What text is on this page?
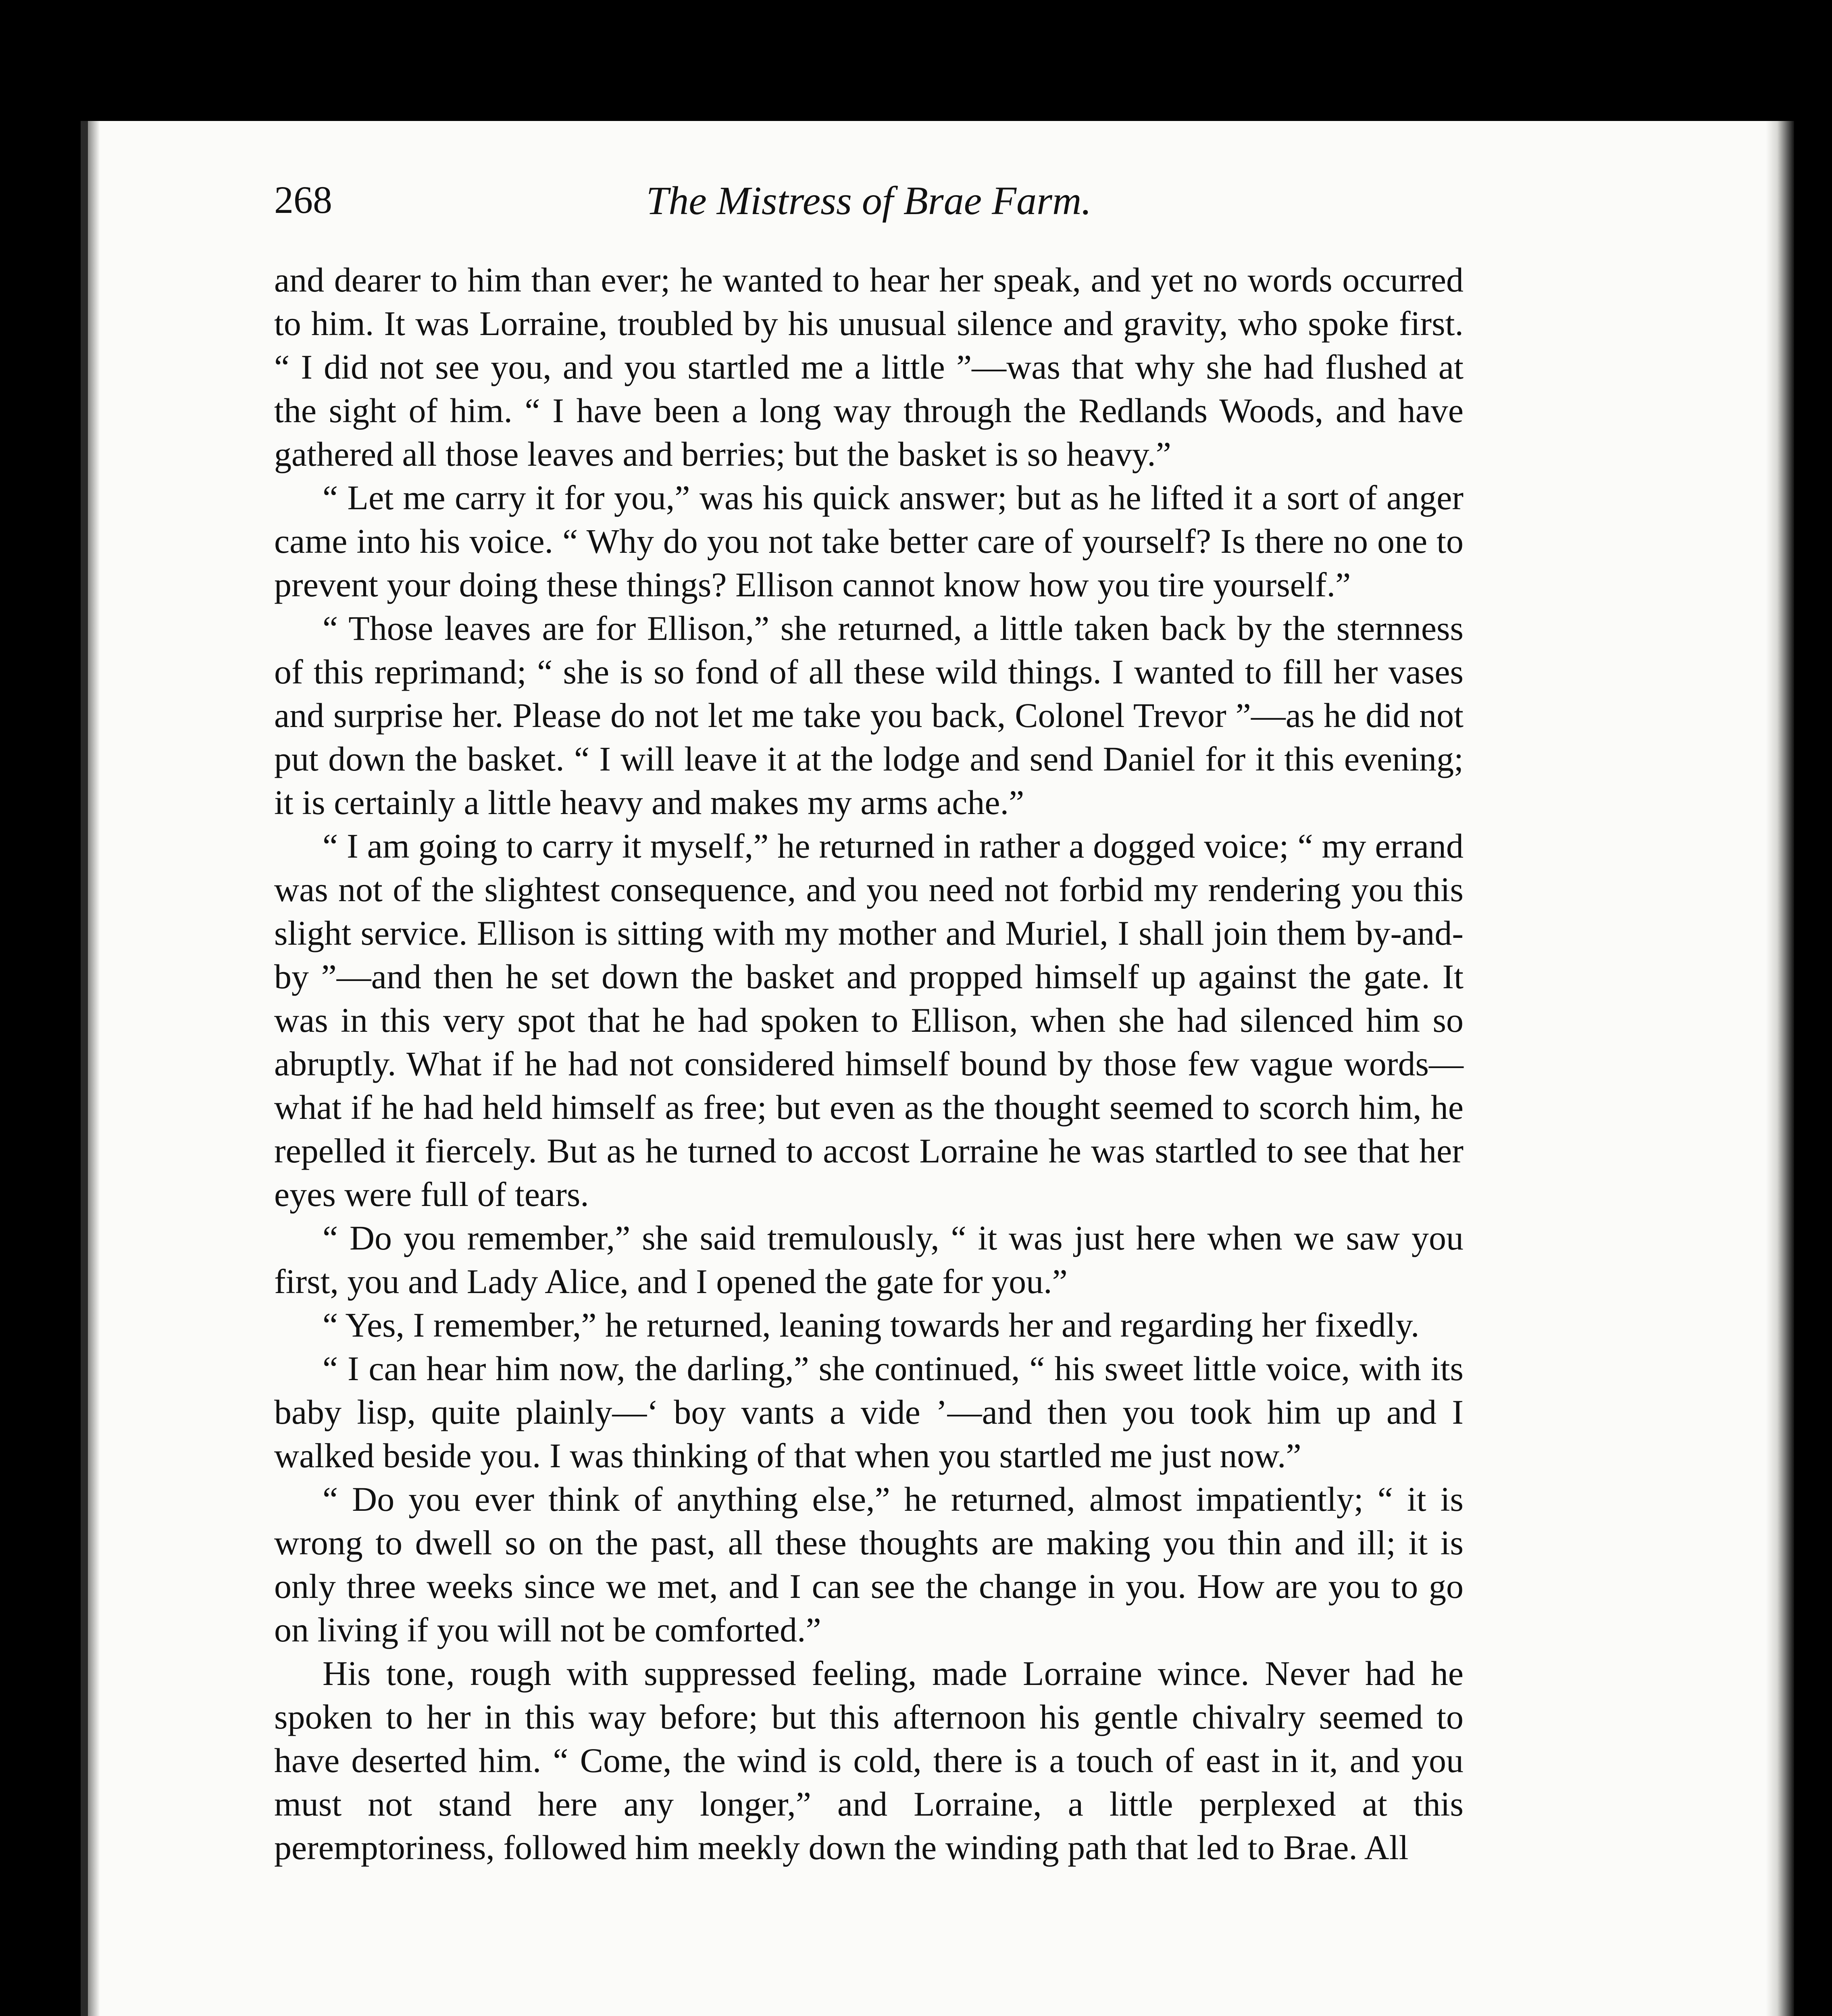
268	The Mistress of Brae Farm.

and dearer to him than ever; he wanted to hear her speak, and yet no words occurred to him. It was Lorraine, troubled by his unusual silence and gravity, who spoke first. “ I did not see you, and you startled me a little ”—was that why she had flushed at the sight of him. “ I have been a long way through the Redlands Woods, and have gathered all those leaves and berries; but the basket is so heavy.”

“ Let me carry it for you,” was his quick answer; but as he lifted it a sort of anger came into his voice. “ Why do you not take better care of yourself? Is there no one to prevent your doing these things? Ellison cannot know how you tire yourself.”

“ Those leaves are for Ellison,” she returned, a little taken back by the sternness of this reprimand; “ she is so fond of all these wild things. I wanted to fill her vases and surprise her. Please do not let me take you back, Colonel Trevor ”—as he did not put down the basket. “ I will leave it at the lodge and send Daniel for it this evening; it is certainly a little heavy and makes my arms ache.”

“ I am going to carry it myself,” he returned in rather a dogged voice; “ my errand was not of the slightest consequence, and you need not forbid my rendering you this slight service. Ellison is sitting with my mother and Muriel, I shall join them by-and-by ”—and then he set down the basket and propped himself up against the gate. It was in this very spot that he had spoken to Ellison, when she had silenced him so abruptly. What if he had not considered himself bound by those few vague words—what if he had held himself as free; but even as the thought seemed to scorch him, he repelled it fiercely. But as he turned to accost Lorraine he was startled to see that her eyes were full of tears.

“ Do you remember,” she said tremulously, “ it was just here when we saw you first, you and Lady Alice, and I opened the gate for you.”

“ Yes, I remember,” he returned, leaning towards her and regarding her fixedly.

“ I can hear him now, the darling,” she continued, “ his sweet little voice, with its baby lisp, quite plainly—‘ boy vants a vide ’—and then you took him up and I walked beside you. I was thinking of that when you startled me just now.”

“ Do you ever think of anything else,” he returned, almost impatiently; “ it is wrong to dwell so on the past, all these thoughts are making you thin and ill; it is only three weeks since we met, and I can see the change in you. How are you to go on living if you will not be comforted.”

His tone, rough with suppressed feeling, made Lorraine wince. Never had he spoken to her in this way before; but this afternoon his gentle chivalry seemed to have deserted him. “ Come, the wind is cold, there is a touch of east in it, and you must not stand here any longer,” and Lorraine, a little perplexed at this peremptoriness, followed him meekly down the winding path that led to Brae. All
